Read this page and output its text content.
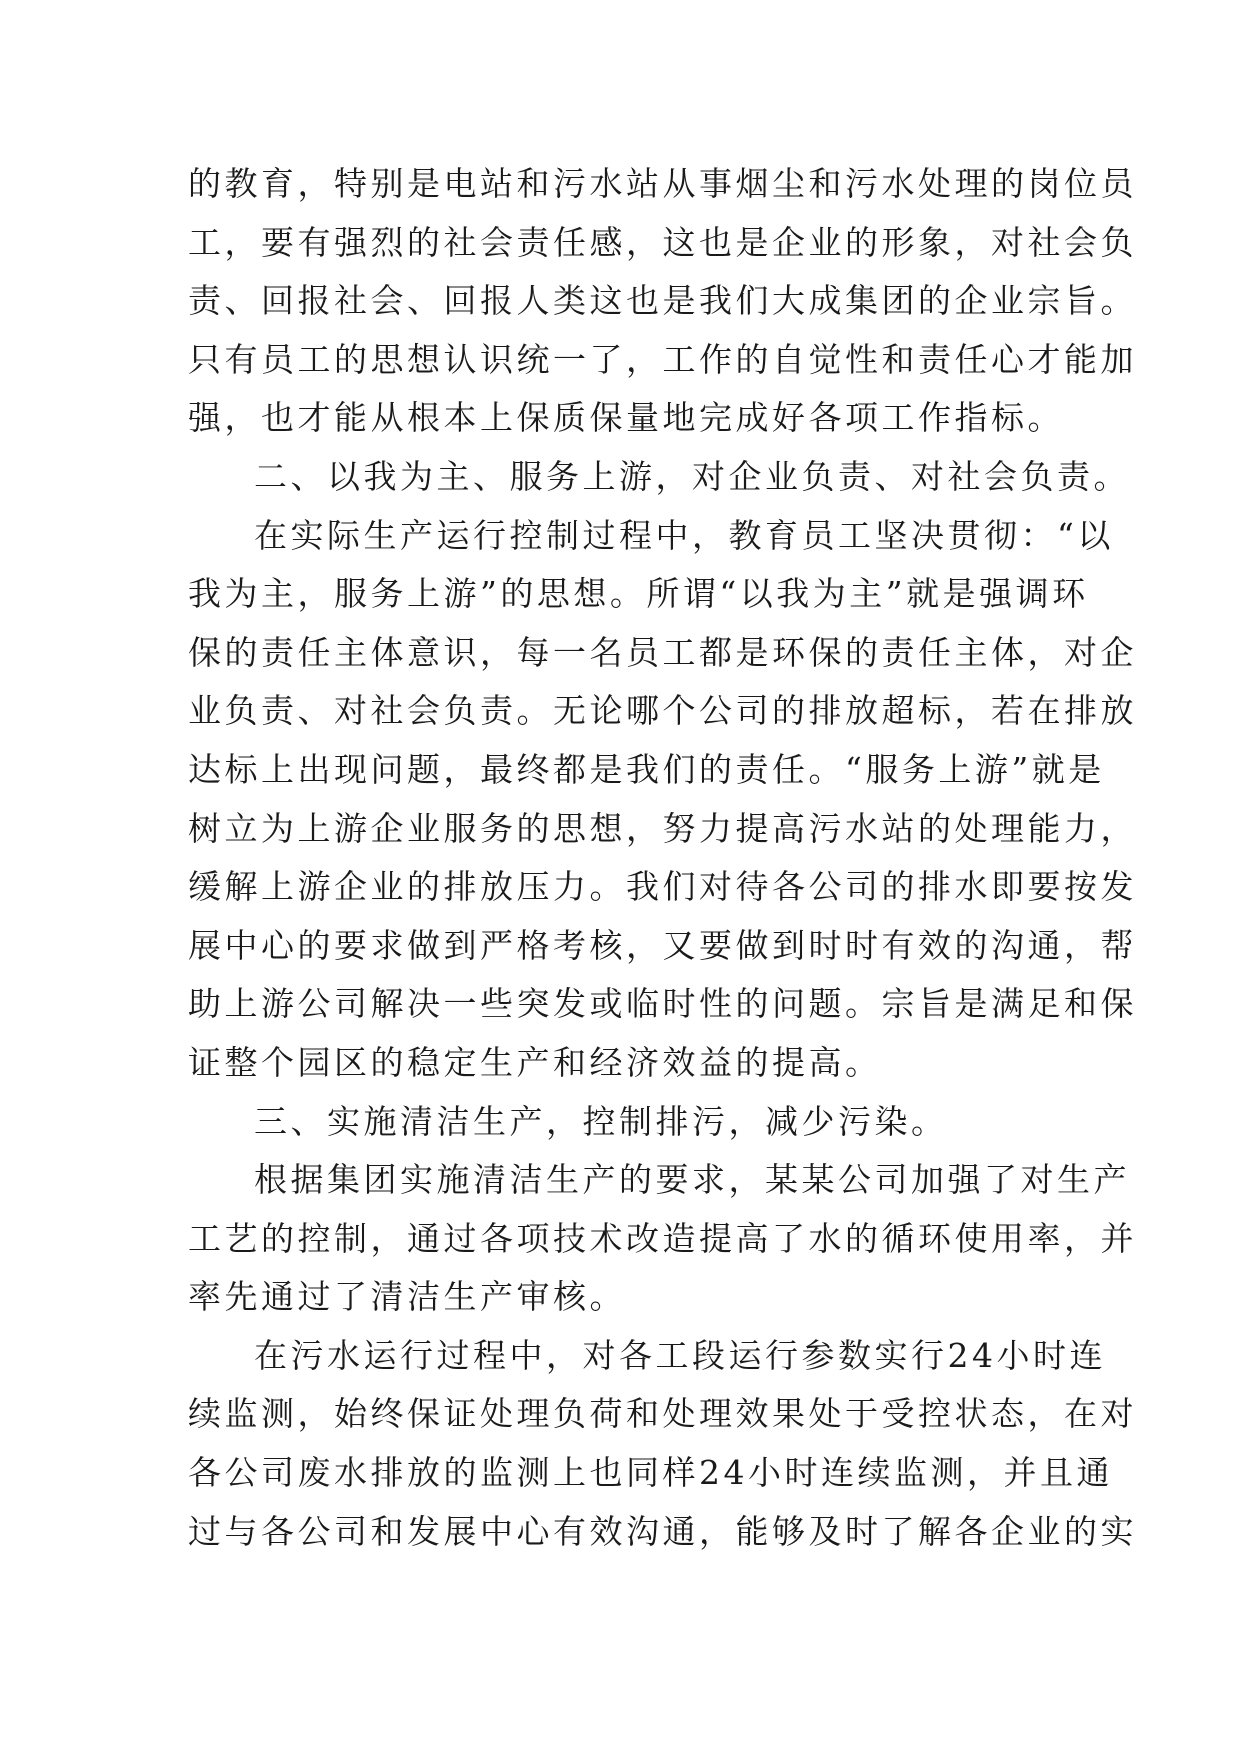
的 教 育 ， 特 别 是 电 站 和 污 水 站 从 事 烟 尘 和 污 水 处 理 的 岗 位 员
工 ， 要 有 强 烈 的 社 会 责 任 感 ， 这 也 是 企 业 的 形 象 ， 对 社 会 负
责 、 回 报 社 会 、 回 报 人 类 这 也 是 我 们 大 成 集 团 的 企 业 宗 旨 。
只 有 员 工 的 思 想 认 识 统 一 了 ， 工 作 的 自 觉 性 和 责 任 心 才 能 加
强，也才能从根本上保质保量地完成好各项工作指标。
二 、 以 我 为 主 、 服 务 上 游 ， 对 企 业 负 责 、 对 社 会 负 责 。
在 实 际 生 产 运 行 控 制 过 程 中 ， 教 育 员 工 坚 决 贯 彻 ： “ 以
我 为 主 ， 服 务 上 游 ” 的 思 想 。 所 谓 “ 以 我 为 主 ” 就 是 强 调 环
保 的 责 任 主 体 意 识 ， 每 一 名 员 工 都 是 环 保 的 责 任 主 体 ， 对 企
业 负 责 、 对 社 会 负 责 。 无 论 哪 个 公 司 的 排 放 超 标 ， 若 在 排 放
达 标 上 出 现 问 题 ， 最 终 都 是 我 们 的 责 任 。 “ 服 务 上 游 ” 就 是
树 立 为 上 游 企 业 服 务 的 思 想 ， 努 力 提 高 污 水 站 的 处 理 能 力 ，
缓 解 上 游 企 业 的 排 放 压 力 。 我 们 对 待 各 公 司 的 排 水 即 要 按 发
展 中 心 的 要 求 做 到 严 格 考 核 ， 又 要 做 到 时 时 有 效 的 沟 通 ， 帮
助 上 游 公 司 解 决 一 些 突 发 或 临 时 性 的 问 题 。 宗 旨 是 满 足 和 保
证整个园区的稳定生产和经济效益的提高。
三、实施清洁生产，控制排污，减少污染。
根 据 集 团 实 施 清 洁 生 产 的 要 求 ， 某 某 公 司 加 强 了 对 生 产
工 艺 的 控 制 ， 通 过 各 项 技 术 改 造 提 高 了 水 的 循 环 使 用 率 ， 并
率先通过了清洁生产审核。
在 污 水 运 行 过 程 中 ， 对 各 工 段 运 行 参 数 实 行 2 4 小 时 连
续 监 测 ， 始 终 保 证 处 理 负 荷 和 处 理 效 果 处 于 受 控 状 态 ， 在 对
各 公 司 废 水 排 放 的 监 测 上 也 同 样 2 4 小 时 连 续 监 测 ， 并 且 通
过 与 各 公 司 和 发 展 中 心 有 效 沟 通 ， 能 够 及 时 了 解 各 企 业 的 实
